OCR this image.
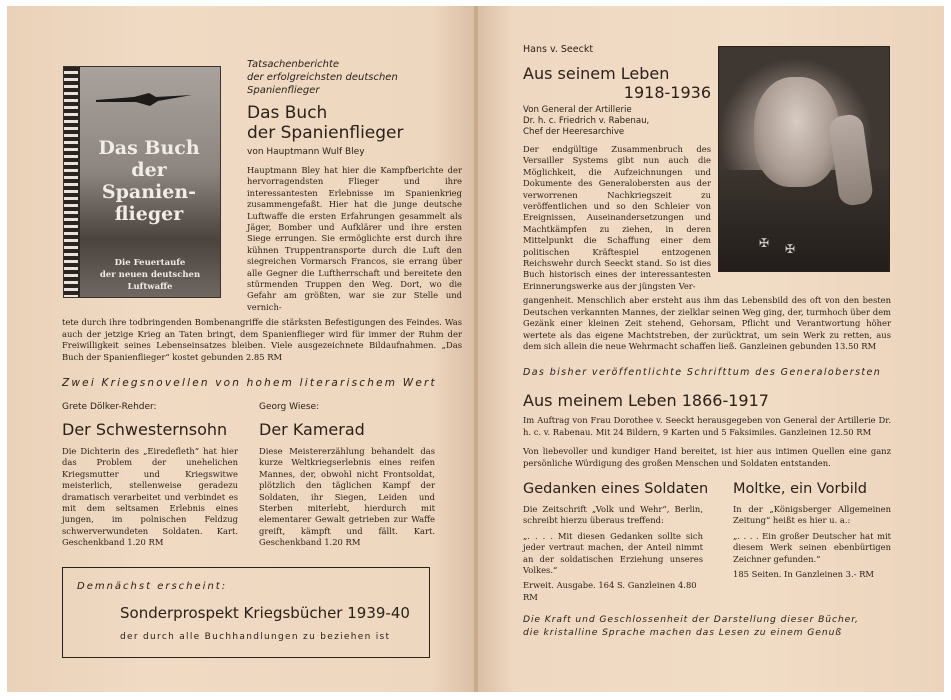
Das Buch
der Spanien-
flieger
Die Feuertaufe
der neuen deutschen Luftwaffe
Tatsachenberichte
der erfolgreichsten deutschen
Spanienflieger
Das Buch
der Spanienflieger
von Hauptmann Wulf Bley
Hauptmann Bley hat hier die Kampfberichte der hervorragendsten Flieger und ihre interessantesten Erlebnisse im Spanienkrieg zusammengefaßt. Hier hat die junge deutsche Luftwaffe die ersten Erfahrungen gesammelt als Jäger, Bomber und Aufklärer und ihre ersten Siege errungen. Sie ermöglichte erst durch ihre kühnen Truppentransporte durch die Luft den siegreichen Vormarsch Francos, sie errang über alle Gegner die Luftherrschaft und bereitete den stürmenden Truppen den Weg. Dort, wo die Gefahr am größten, war sie zur Stelle und vernich-
tete durch ihre todbringenden Bombenangriffe die stärksten Befestigungen des Feindes. Was auch der jetzige Krieg an Taten bringt, dem Spanienflieger wird für immer der Ruhm der Freiwilligkeit seines Lebenseinsatzes bleiben. Viele ausgezeichnete Bildaufnahmen. „Das Buch der Spanienflieger“ kostet gebunden 2.85 RM
Zwei Kriegsnovellen von hohem literarischem Wert
Grete Dölker-Rehder:
Der Schwesternsohn
Die Dichterin des „Eiredefleth“ hat hier das Problem der unehelichen Kriegsmutter und Kriegswitwe meisterlich, stellenweise geradezu dramatisch verarbeitet und verbindet es mit dem seltsamen Erlebnis eines jungen, im polnischen Feldzug schwerverwundeten Soldaten. Kart. Geschenkband 1.20 RM
Georg Wiese:
Der Kamerad
Diese Meistererzählung behandelt das kurze Weltkriegserlebnis eines reifen Mannes, der, obwohl nicht Frontsoldat, plötzlich den täglichen Kampf der Soldaten, ihr Siegen, Leiden und Sterben miterlebt, hierdurch mit elementarer Gewalt getrieben zur Waffe greift, kämpft und fällt. Kart. Geschenkband 1.20 RM
Demnächst erscheint:
Sonderprospekt Kriegsbücher 1939-40
der durch alle Buchhandlungen zu beziehen ist
Hans v. Seeckt
Aus seinem Leben
1918-1936
Von General der Artillerie
Dr. h. c. Friedrich v. Rabenau,
Chef der Heeresarchive
Der endgültige Zusammenbruch des Versailler Systems gibt nun auch die Möglichkeit, die Aufzeichnungen und Dokumente des Generalobersten aus der verworrenen Nachkriegszeit zu veröffentlichen und so den Schleier von Ereignissen, Auseinandersetzungen und Machtkämpfen zu ziehen, in deren Mittelpunkt die Schaffung einer dem politischen Kräftespiel entzogenen Reichswehr durch Seeckt stand. So ist dies Buch historisch eines der interessantesten Erinnerungswerke aus der jüngsten Ver-
✠ ✠
gangenheit. Menschlich aber ersteht aus ihm das Lebensbild des oft von den besten Deutschen verkannten Mannes, der zielklar seinen Weg ging, der, turmhoch über dem Gezänk einer kleinen Zeit stehend, Gehorsam, Pflicht und Verantwortung höher wertete als das eigene Machtstreben, der zurücktrat, um sein Werk zu retten, aus dem sich allein die neue Wehrmacht schaffen ließ. Ganzleinen gebunden 13.50 RM
Das bisher veröffentlichte Schrifttum des Generalobersten
Aus meinem Leben 1866-1917
Im Auftrag von Frau Dorothee v. Seeckt herausgegeben von General der Artillerie Dr. h. c. v. Rabenau. Mit 24 Bildern, 9 Karten und 5 Faksimiles. Ganzleinen 12.50 RM
Von liebevoller und kundiger Hand bereitet, ist hier aus intimen Quellen eine ganz persönliche Würdigung des großen Menschen und Soldaten entstanden.
Gedanken eines Soldaten
Die Zeitschrift „Volk und Wehr“, Berlin, schreibt hierzu überaus treffend:
„. . . . Mit diesen Gedanken sollte sich jeder vertraut machen, der Anteil nimmt an der soldatischen Erziehung unseres Volkes.“
Erweit. Ausgabe. 164 S. Ganzleinen 4.80 RM
Moltke, ein Vorbild
In der „Königsberger Allgemeinen Zeitung“ heißt es hier u. a.:
„. . . . Ein großer Deutscher hat mit diesem Werk seinen ebenbürtigen Zeichner gefunden.“
185 Seiten. In Ganzleinen 3.- RM
Die Kraft und Geschlossenheit der Darstellung dieser Bücher,
die kristalline Sprache machen das Lesen zu einem Genuß
